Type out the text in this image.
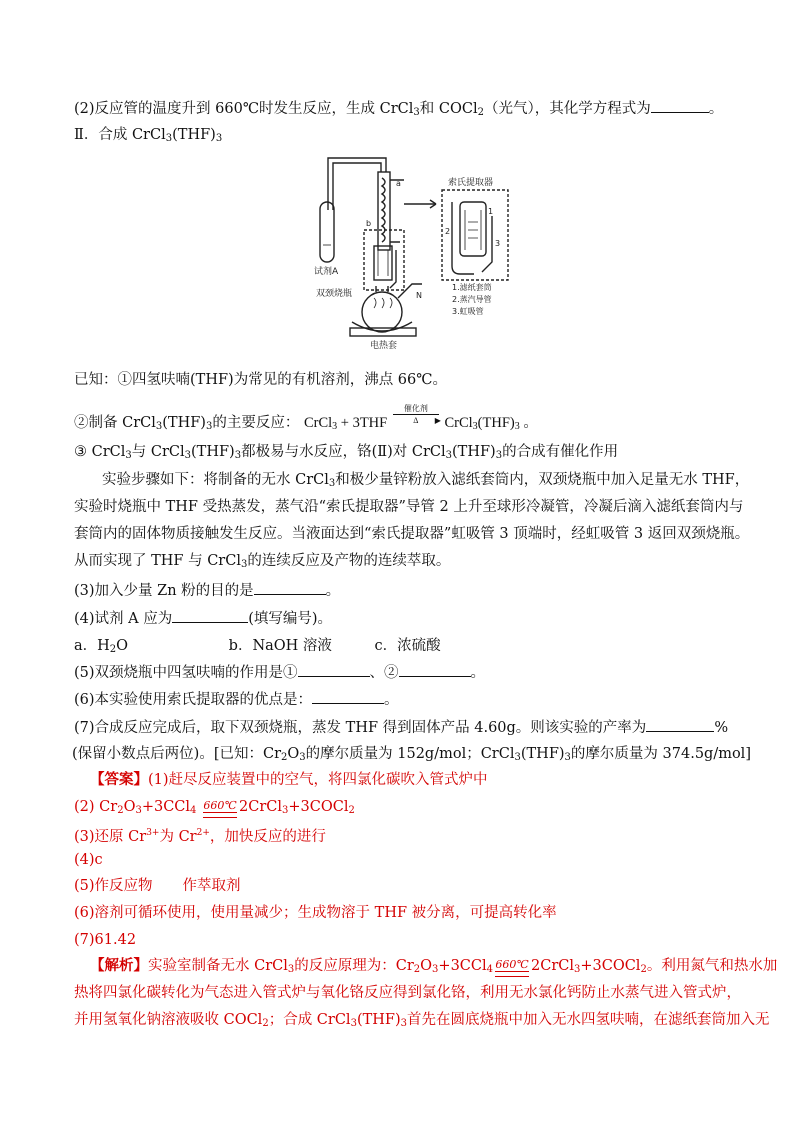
(2)反应管的温度升到 660℃时发生反应，生成 CrCl$_3$和 COCl$_2$（光气），其化学方程式为	。
Ⅱ．合成 $CrCl_3(THF)_3$
a
b
试剂A
双颈烧瓶	N
电热套
索氏提取器
1
2
3
1.滤纸套筒
2.蒸汽导管
3.虹吸管
已知：①四氢呋喃(THF)为常见的有机溶剂，沸点 66℃。
②制备 $CrCl_3(THF)_3$的主要反应： CrCl$_3$ + 3THF
催化剂
▶
Δ	$CrCl_3(THF)_3$ 。
③ CrCl$_3$与 $CrCl_3(THF)_3$都极易与水反应，铬(Ⅱ)对 $CrCl_3(THF)_3$的合成有催化作用
实验步骤如下：将制备的无水 CrCl$_3$和极少量锌粉放入滤纸套筒内，双颈烧瓶中加入足量无水 THF，
实验时烧瓶中 THF 受热蒸发，蒸气沿“索氏提取器”导管 2 上升至球形冷凝管，冷凝后滴入滤纸套筒内与
套筒内的固体物质接触发生反应。当液面达到“索氏提取器”虹吸管 3 顶端时，经虹吸管 3 返回双颈烧瓶。
从而实现了 THF 与 CrCl$_3$的连续反应及产物的连续萃取。
(3)加入少量 Zn 粉的目的是	。
(4)试剂 A 应为	(填写编号)。
a．$H_2O$	b．NaOH 溶液	c．浓硫酸
(5)双颈烧瓶中四氢呋喃的作用是①	、②	。
(6)本实验使用索氏提取器的优点是：	。
(7)合成反应完成后，取下双颈烧瓶，蒸发 THF 得到固体产品 4.60g。则该实验的产率为	%
(保留小数点后两位)。[已知：$Cr_2O_3$的摩尔质量为 152g/mol；$CrCl_3(THF)_3$的摩尔质量为 374.5g/mol]
【答案】(1)赶尽反应装置中的空气，将四氯化碳吹入管式炉中
(2) $Cr_2O_3+3CCl_4$ 660℃ 2CrCl$_3$+3COCl$_2$
(3)还原 $Cr^{3+}$为 $Cr^{2+}$，加快反应的进行
(4)c
(5)作反应物 作萃取剂
(6)溶剂可循环使用，使用量减少；生成物溶于 THF 被分离，可提高转化率
(7)61.42
【解析】实验室制备无水 CrCl$_3$的反应原理为：$Cr_2O_3+3CCl_4$ 660℃ 2CrCl$_3$+3COCl$_2$。利用氮气和热水加
热将四氯化碳转化为气态进入管式炉与氧化铬反应得到氯化铬，利用无水氯化钙防止水蒸气进入管式炉，
并用氢氧化钠溶液吸收 COCl$_2$；合成 $CrCl_3(THF)_3$首先在圆底烧瓶中加入无水四氢呋喃，在滤纸套筒加入无
